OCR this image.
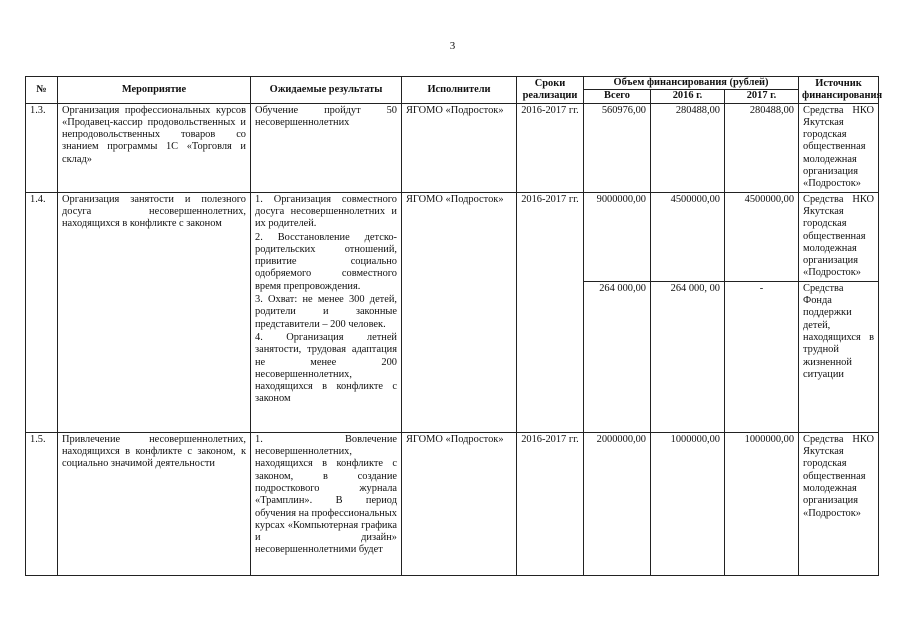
3
№	Мероприятие	Ожидаемые результаты	Исполнители	Сроки реализации	Объем финансирования (рублей)			Источник финансирования
					Всего	2016 г.	2017 г.	
1.3.	Организация профессиональных курсов «Продавец-кассир продовольственных и непродовольственных товаров со знанием программы 1С «Торговля и склад»	Обучение пройдут 50 несовершеннолетних	ЯГОМО «Подросток»	2016-2017 гг.	560976,00	280488,00	280488,00	Средства НКО Якутская городская общественная молодежная организация «Подросток»
1.4.	Организация занятости и полезного досуга несовершеннолетних, находящихся в конфликте с законом	1. Организация совместного досуга несовершеннолетних и их родителей.
2. Восстановление детско-родительских отношений, привитие социально одобряемого совместного время препровождения.
3. Охват: не менее 300 детей, родители и законные представители – 200 человек.
4. Организация летней занятости, трудовая адаптация не менее 200 несовершеннолетних, находящихся в конфликте с законом	ЯГОМО «Подросток»	2016-2017 гг.	9000000,00	4500000,00	4500000,00	Средства НКО Якутская городская общественная молодежная организация «Подросток»
					264 000,00	264 000, 00	-	Средства Фонда поддержки детей, находящихся в трудной жизненной ситуации
1.5.	Привлечение несовершеннолетних, находящихся в конфликте с законом, к социально значимой деятельности	1. Вовлечение несовершеннолетних, находящихся в конфликте с законом, в создание подросткового журнала «Трамплин». В период обучения на профессиональных курсах «Компьютерная графика и дизайн» несовершеннолетними будет	ЯГОМО «Подросток»	2016-2017 гг.	2000000,00	1000000,00	1000000,00	Средства НКО Якутская городская общественная молодежная организация «Подросток»
